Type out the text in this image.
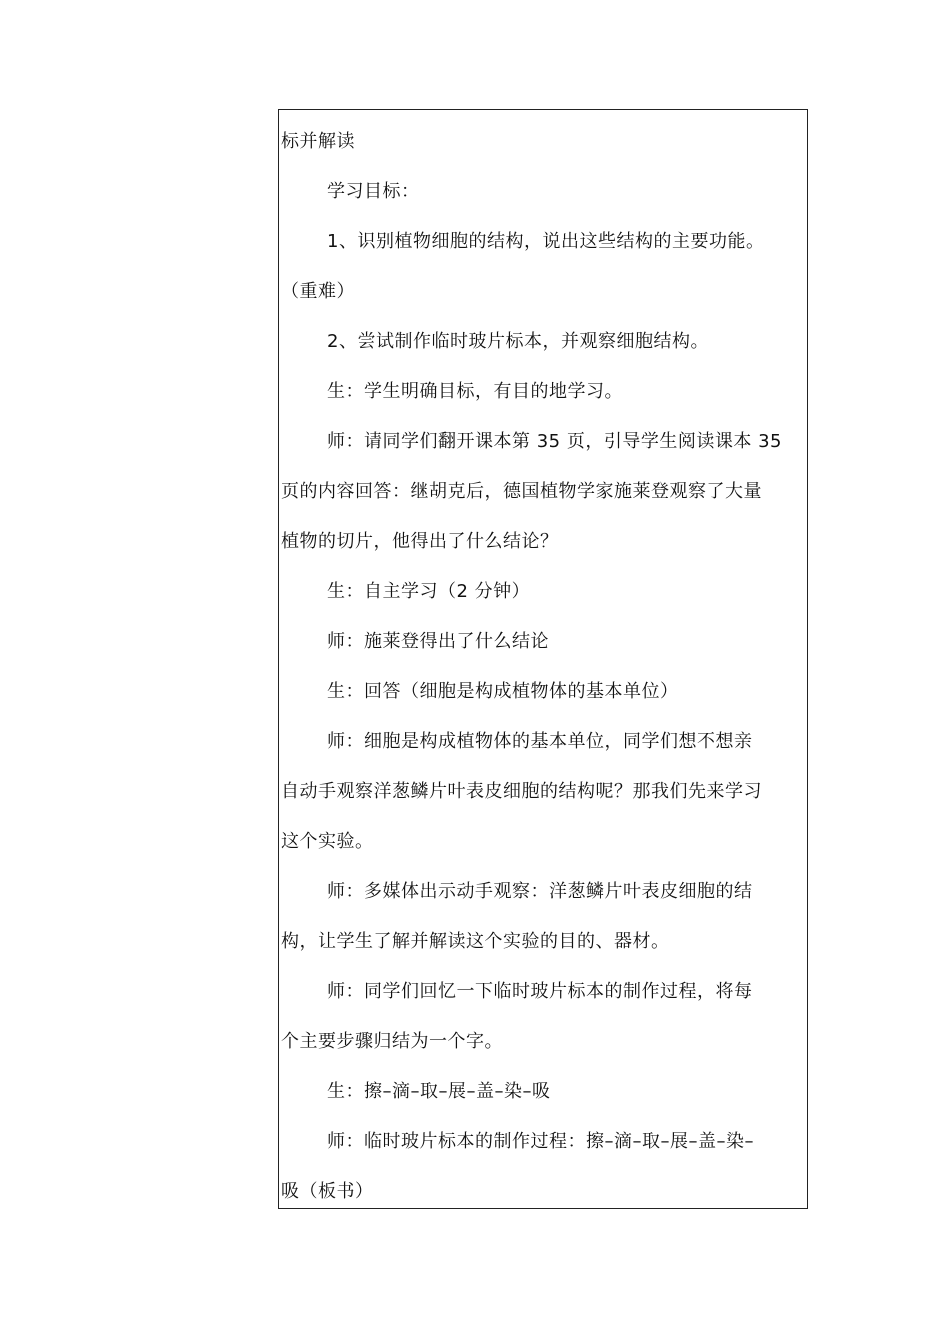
标并解读
学习目标：
1、识别植物细胞的结构，说出这些结构的主要功能。
（重难）
2、尝试制作临时玻片标本，并观察细胞结构。
生：学生明确目标，有目的地学习。
师：请同学们翻开课本第 35 页，引导学生阅读课本 35
页的内容回答：继胡克后，德国植物学家施莱登观察了大量
植物的切片，他得出了什么结论？
生：自主学习（2 分钟）
师：施莱登得出了什么结论
生：回答（细胞是构成植物体的基本单位）
师：细胞是构成植物体的基本单位，同学们想不想亲
自动手观察洋葱鳞片叶表皮细胞的结构呢？那我们先来学习
这个实验。
师：多媒体出示动手观察：洋葱鳞片叶表皮细胞的结
构，让学生了解并解读这个实验的目的、器材。
师：同学们回忆一下临时玻片标本的制作过程，将每
个主要步骤归结为一个字。
生：擦–滴–取–展–盖–染–吸
师：临时玻片标本的制作过程：擦–滴–取–展–盖–染–
吸（板书）
